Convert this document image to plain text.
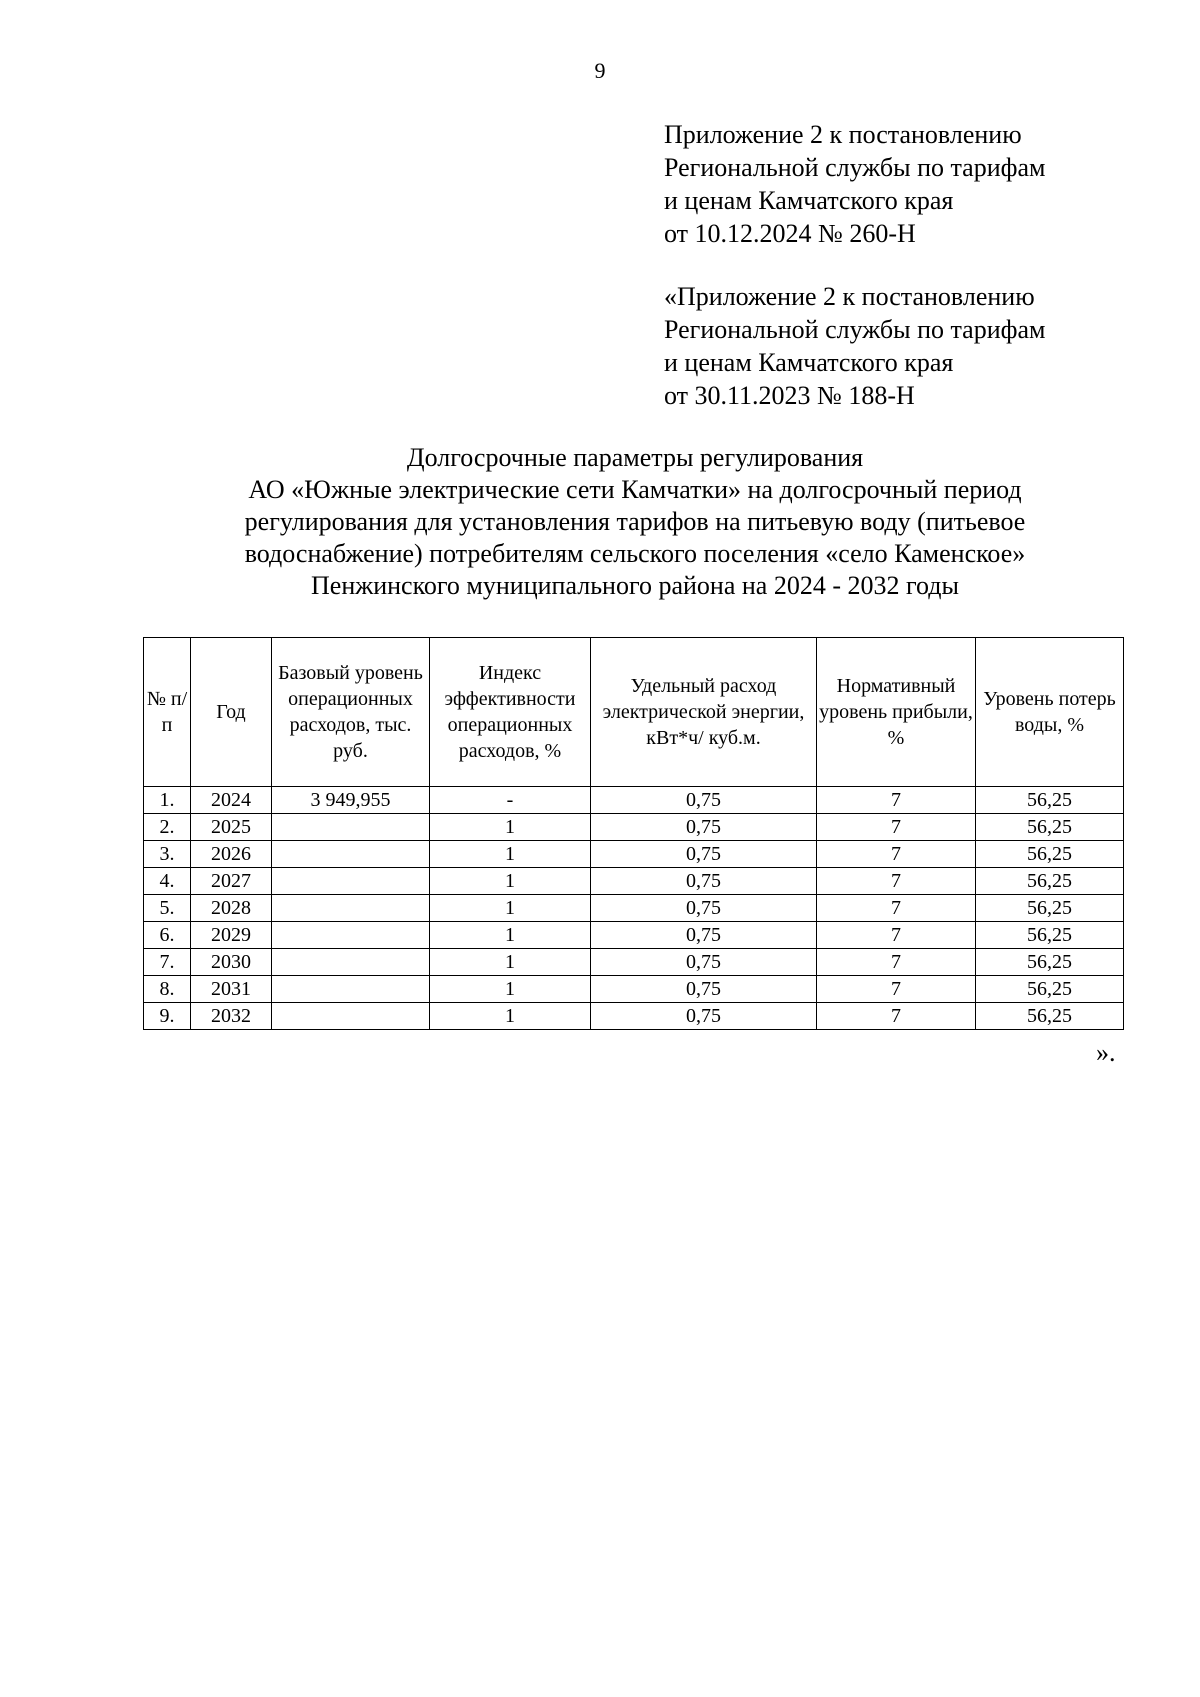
9
Приложение 2 к постановлению
Региональной службы по тарифам
и ценам Камчатского края
от 10.12.2024 № 260-Н
«Приложение 2 к постановлению
Региональной службы по тарифам
и ценам Камчатского края
от 30.11.2023 № 188-Н
Долгосрочные параметры регулирования
АО «Южные электрические сети Камчатки» на долгосрочный период
регулирования для установления тарифов на питьевую воду (питьевое
водоснабжение) потребителям сельского поселения «село Каменское»
Пенжинского муниципального района на 2024 - 2032 годы
№ п/п	Год	Базовый уровень операционных расходов, тыс. руб.	Индекс эффективности операционных расходов, %	Удельный расход электрической энергии, кВт*ч/ куб.м.	Нормативный уровень прибыли, %	Уровень потерь воды, %
1.	2024	3 949,955	-	0,75	7	56,25
2.	2025		1	0,75	7	56,25
3.	2026		1	0,75	7	56,25
4.	2027		1	0,75	7	56,25
5.	2028		1	0,75	7	56,25
6.	2029		1	0,75	7	56,25
7.	2030		1	0,75	7	56,25
8.	2031		1	0,75	7	56,25
9.	2032		1	0,75	7	56,25
».
